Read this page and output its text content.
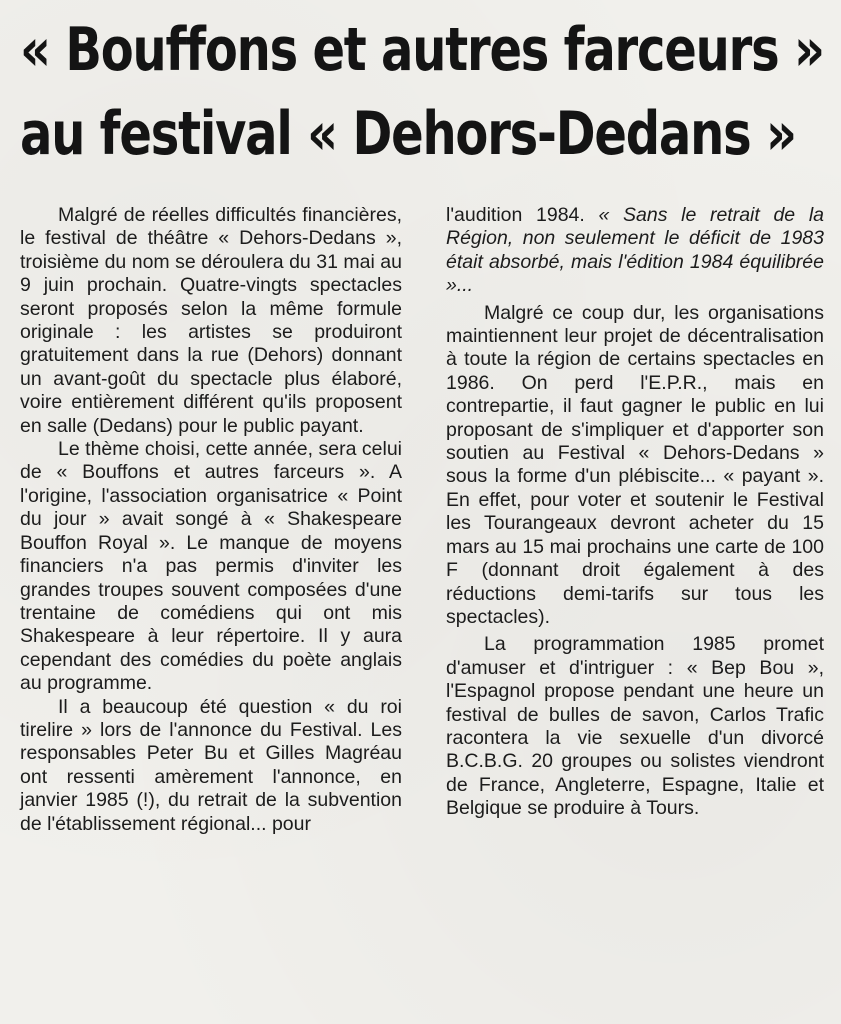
« Bouffons et autres farceurs »
au festival « Dehors-Dedans »

Malgré de réelles difficultés financières, le festival de théâtre « Dehors-Dedans », troisième du nom se déroulera du 31 mai au 9 juin prochain. Quatre-vingts spectacles seront proposés selon la même formule originale : les artistes se produiront gratuitement dans la rue (Dehors) donnant un avant-goût du spectacle plus élaboré, voire entièrement différent qu'ils proposent en salle (Dedans) pour le public payant.

Le thème choisi, cette année, sera celui de « Bouffons et autres farceurs ». A l'origine, l'association organisatrice « Point du jour » avait songé à « Shakespeare Bouffon Royal ». Le manque de moyens financiers n'a pas permis d'inviter les grandes troupes souvent composées d'une trentaine de comédiens qui ont mis Shakespeare à leur répertoire. Il y aura cependant des comédies du poète anglais au programme.

Il a beaucoup été question « du roi tirelire » lors de l'annonce du Festival. Les responsables Peter Bu et Gilles Magréau ont ressenti amèrement l'annonce, en janvier 1985 (!), du retrait de la subvention de l'établissement régional... pour

l'audition 1984. « Sans le retrait de la Région, non seulement le déficit de 1983 était absorbé, mais l'édition 1984 équilibrée »...

Malgré ce coup dur, les organisations maintiennent leur projet de décentralisation à toute la région de certains spectacles en 1986. On perd l'E.P.R., mais en contrepartie, il faut gagner le public en lui proposant de s'impliquer et d'apporter son soutien au Festival « Dehors-Dedans » sous la forme d'un plébiscite... « payant ». En effet, pour voter et soutenir le Festival les Tourangeaux devront acheter du 15 mars au 15 mai prochains une carte de 100 F (donnant droit également à des réductions demi-tarifs sur tous les spectacles).

La programmation 1985 promet d'amuser et d'intriguer : « Bep Bou », l'Espagnol propose pendant une heure un festival de bulles de savon, Carlos Trafic racontera la vie sexuelle d'un divorcé B.C.B.G. 20 groupes ou solistes viendront de France, Angleterre, Espagne, Italie et Belgique se produire à Tours.
